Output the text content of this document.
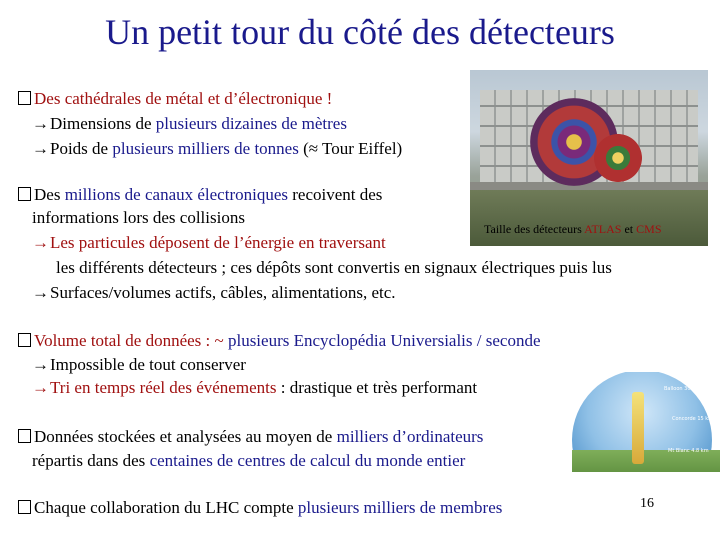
Un petit tour du côté des détecteurs
Des cathédrales de métal et d’électronique !
→Dimensions de plusieurs dizaines de mètres
→Poids de plusieurs milliers de tonnes (≈ Tour Eiffel)
Taille des détecteurs ATLAS et CMS
Des millions de canaux électroniques recoivent des
informations lors des collisions
→Les particules déposent de l’énergie en traversant
les différents détecteurs ; ces dépôts sont convertis en signaux électriques puis lus
→Surfaces/volumes actifs, câbles, alimentations, etc.
Volume total de données : ~ plusieurs Encyclopédia Universialis / seconde
→Impossible de tout conserver
→Tri en temps réel des événements : drastique et très performant	Balloon 30 km
Concorde 15 km
Mt Blanc 4.8 km
Données stockées et analysées au moyen de milliers d’ordinateurs
répartis dans des centaines de centres de calcul du monde entier
Chaque collaboration du LHC compte plusieurs milliers de membres	16
